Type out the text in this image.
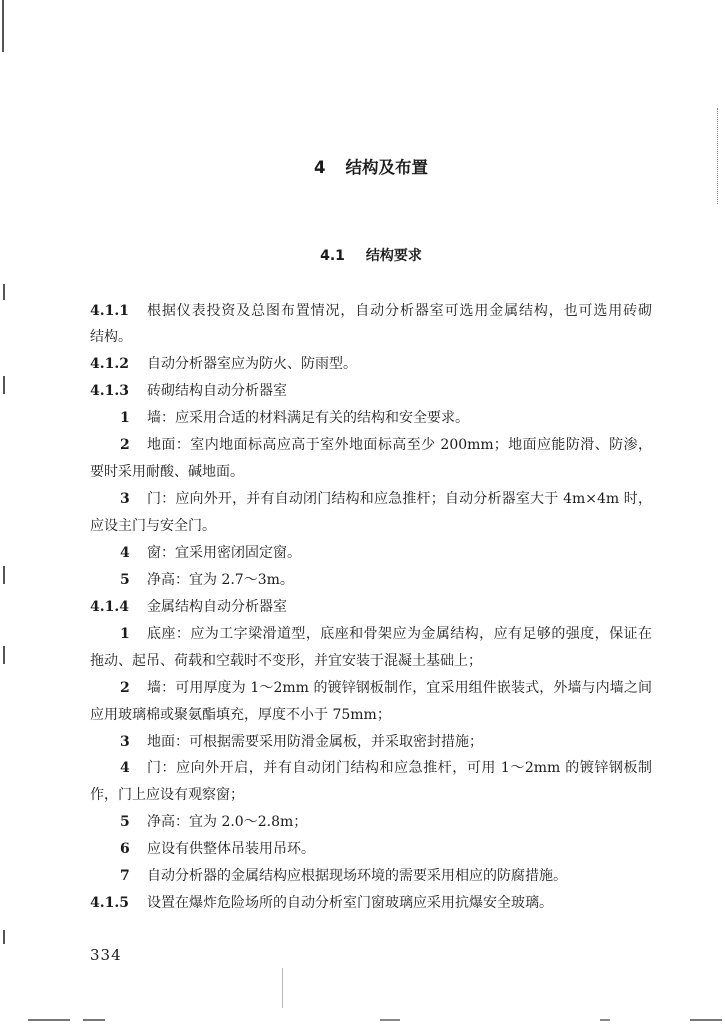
4 结构及布置
4.1 结构要求
4.1.1	根据仪表投资及总图布置情况，自动分析器室可选用金属结构，也可选用砖砌
结构。
4.1.2	自动分析器室应为防火、防雨型。
4.1.3	砖砌结构自动分析器室
1	墙：应采用合适的材料满足有关的结构和安全要求。
2	地面：室内地面标高应高于室外地面标高至少 200mm；地面应能防滑、防渗，
要时采用耐酸、碱地面。
3	门：应向外开，并有自动闭门结构和应急推杆；自动分析器室大于 4m×4m 时，
应设主门与安全门。
4	窗：宜采用密闭固定窗。
5	净高：宜为 2.7～3m。
4.1.4	金属结构自动分析器室
1	底座：应为工字梁滑道型，底座和骨架应为金属结构，应有足够的强度，保证在
拖动、起吊、荷载和空载时不变形，并宜安装于混凝土基础上；
2	墙：可用厚度为 1～2mm 的镀锌钢板制作，宜采用组件嵌装式，外墙与内墙之间
应用玻璃棉或聚氨酯填充，厚度不小于 75mm；
3	地面：可根据需要采用防滑金属板，并采取密封措施；
4	门：应向外开启，并有自动闭门结构和应急推杆，可用 1～2mm 的镀锌钢板制
作，门上应设有观察窗；
5	净高：宜为 2.0～2.8m；
6	应设有供整体吊装用吊环。
7	自动分析器的金属结构应根据现场环境的需要采用相应的防腐措施。
4.1.5	设置在爆炸危险场所的自动分析室门窗玻璃应采用抗爆安全玻璃。
334
